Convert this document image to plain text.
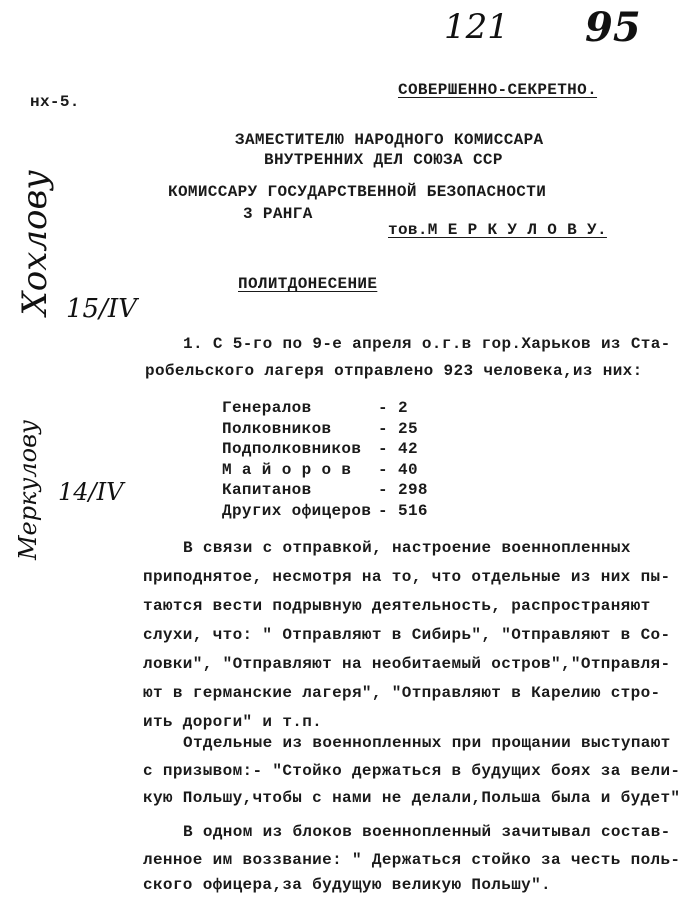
121 95
нх-5.
СОВЕРШЕННО-СЕКРЕТНО.
ЗАМЕСТИТЕЛЮ НАРОДНОГО КОМИССАРА
ВНУТРЕННИХ ДЕЛ СОЮЗА ССР
КОМИССАРУ ГОСУДАРСТВЕННОЙ БЕЗОПАСНОСТИ
3 РАНГА
тов.М Е Р К У Л О В У.
ПОЛИТДОНЕСЕНИЕ
1. С 5-го по 9-е апреля о.г.в гор.Харьков из Ста-
робельского лагеря отправлено 923 человека,из них:
Генералов	- 2
Полковников	- 25
Подполковников - 42
М а й о р о в - 40
Капитанов	- 298
Других офицеров - 516
В связи с отправкой, настроение военнопленных
приподнятое, несмотря на то, что отдельные из них пы-
таются вести подрывную деятельность, распространяют
слухи, что: " Отправляют в Сибирь", "Отправляют в Со-
ловки", "Отправляют на необитаемый остров","Отправля-
ют в германские лагеря", "Отправляют в Карелию стро-
ить дороги" и т.п.
Отдельные из военнопленных при прощании выступают
с призывом:- "Стойко держаться в будущих боях за вели-
кую Польшу,чтобы с нами не делали,Польша была и будет"
В одном из блоков военнопленный зачитывал состав-
ленное им воззвание: " Держаться стойко за честь поль-
ского офицера,за будущую великую Польшу".
Хохлову 15/IV
Меркулову 14/IV
